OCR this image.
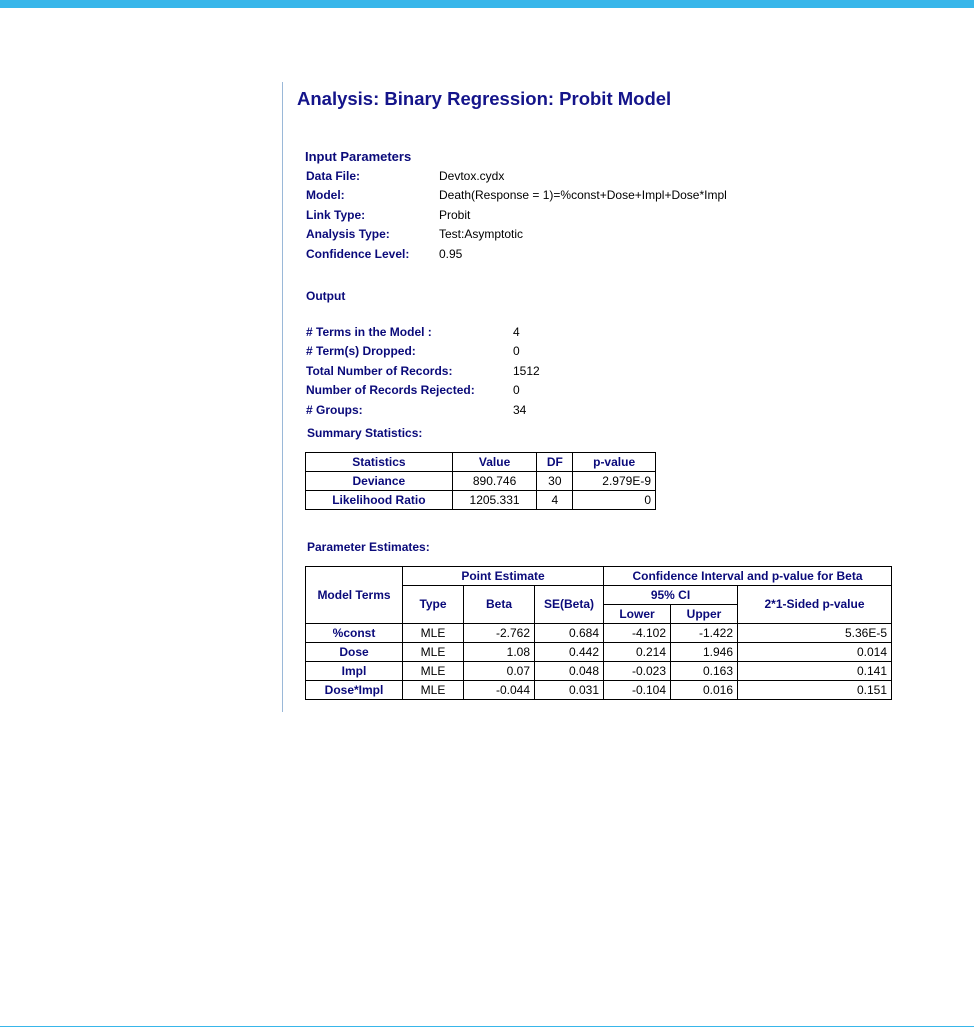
Analysis: Binary Regression: Probit Model
Input Parameters
Data File:	Devtox.cydx
Model:	Death(Response = 1)=%const+Dose+Impl+Dose*Impl
Link Type:	Probit
Analysis Type:	Test:Asymptotic
Confidence Level: 0.95
Output
# Terms in the Model :	4
# Term(s) Dropped:	0
Total Number of Records:	1512
Number of Records Rejected:	0
# Groups:	34
Summary Statistics:
Statistics	Value	DF	p-value
Deviance	890.746	30	2.979E-9
Likelihood Ratio	1205.331	4	0
Parameter Estimates:
Model Terms	Point Estimate			Confidence Interval and p-value for Beta		
	Type	Beta	SE(Beta)	95% CI		2*1-Sided p-value
				Lower	Upper	
%const	MLE	-2.762	0.684	-4.102	-1.422	5.36E-5
Dose	MLE	1.08	0.442	0.214	1.946	0.014
Impl	MLE	0.07	0.048	-0.023	0.163	0.141
Dose*Impl	MLE	-0.044	0.031	-0.104	0.016	0.151
